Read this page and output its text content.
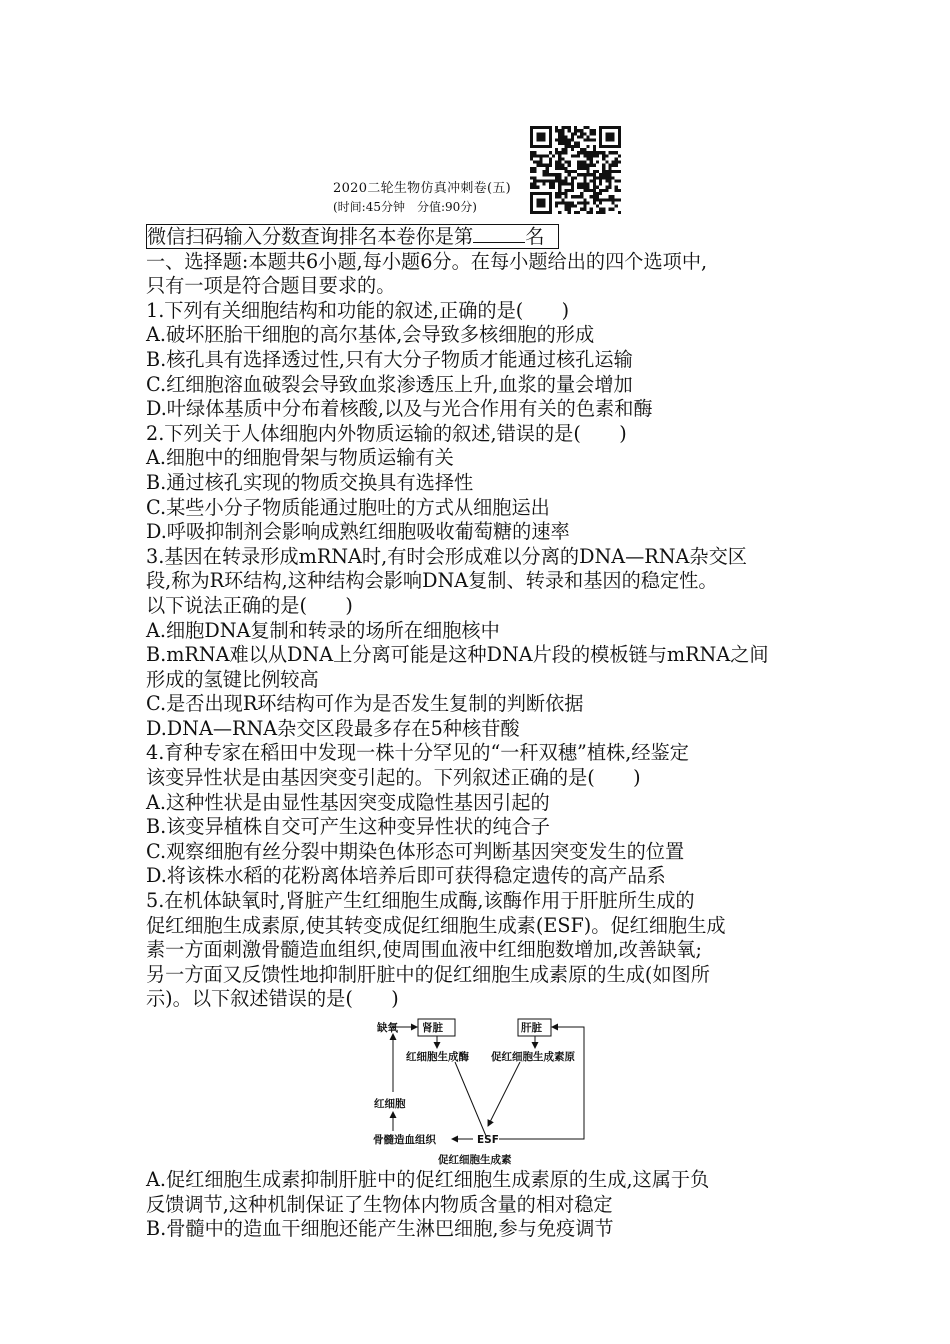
2020二轮生物仿真冲刺卷(五)
(时间:45分钟　分值:90分)

微信扫码输入分数查询排名本卷你是第	名

一、选择题:本题共6小题,每小题6分。在每小题给出的四个选项中,

只有一项是符合题目要求的。

1.下列有关细胞结构和功能的叙述,正确的是(　　)

A.破坏胚胎干细胞的高尔基体,会导致多核细胞的形成

B.核孔具有选择透过性,只有大分子物质才能通过核孔运输

C.红细胞溶血破裂会导致血浆渗透压上升,血浆的量会增加

D.叶绿体基质中分布着核酸,以及与光合作用有关的色素和酶

2.下列关于人体细胞内外物质运输的叙述,错误的是(　　)

A.细胞中的细胞骨架与物质运输有关

B.通过核孔实现的物质交换具有选择性

C.某些小分子物质能通过胞吐的方式从细胞运出

D.呼吸抑制剂会影响成熟红细胞吸收葡萄糖的速率

3.基因在转录形成mRNA时,有时会形成难以分离的DNA—RNA杂交区

段,称为R环结构,这种结构会影响DNA复制、转录和基因的稳定性。

以下说法正确的是(　　)

A.细胞DNA复制和转录的场所在细胞核中

B.mRNA难以从DNA上分离可能是这种DNA片段的模板链与mRNA之间

形成的氢键比例较高

C.是否出现R环结构可作为是否发生复制的判断依据

D.DNA—RNA杂交区段最多存在5种核苷酸

4.育种专家在稻田中发现一株十分罕见的“一秆双穗”植株,经鉴定

该变异性状是由基因突变引起的。下列叙述正确的是(　　)

A.这种性状是由显性基因突变成隐性基因引起的

B.该变异植株自交可产生这种变异性状的纯合子

C.观察细胞有丝分裂中期染色体形态可判断基因突变发生的位置

D.将该株水稻的花粉离体培养后即可获得稳定遗传的高产品系

5.在机体缺氧时,肾脏产生红细胞生成酶,该酶作用于肝脏所生成的

促红细胞生成素原,使其转变成促红细胞生成素(ESF)。促红细胞生成

素一方面刺激骨髓造血组织,使周围血液中红细胞数增加,改善缺氧;

另一方面又反馈性地抑制肝脏中的促红细胞生成素原的生成(如图所

示)。以下叙述错误的是(　　)

缺氧 肾脏	肝脏
红细胞生成酶 促红细胞生成素原
红细胞
骨髓造血组织	ESF
促红细胞生成素

A.促红细胞生成素抑制肝脏中的促红细胞生成素原的生成,这属于负

反馈调节,这种机制保证了生物体内物质含量的相对稳定

B.骨髓中的造血干细胞还能产生淋巴细胞,参与免疫调节
